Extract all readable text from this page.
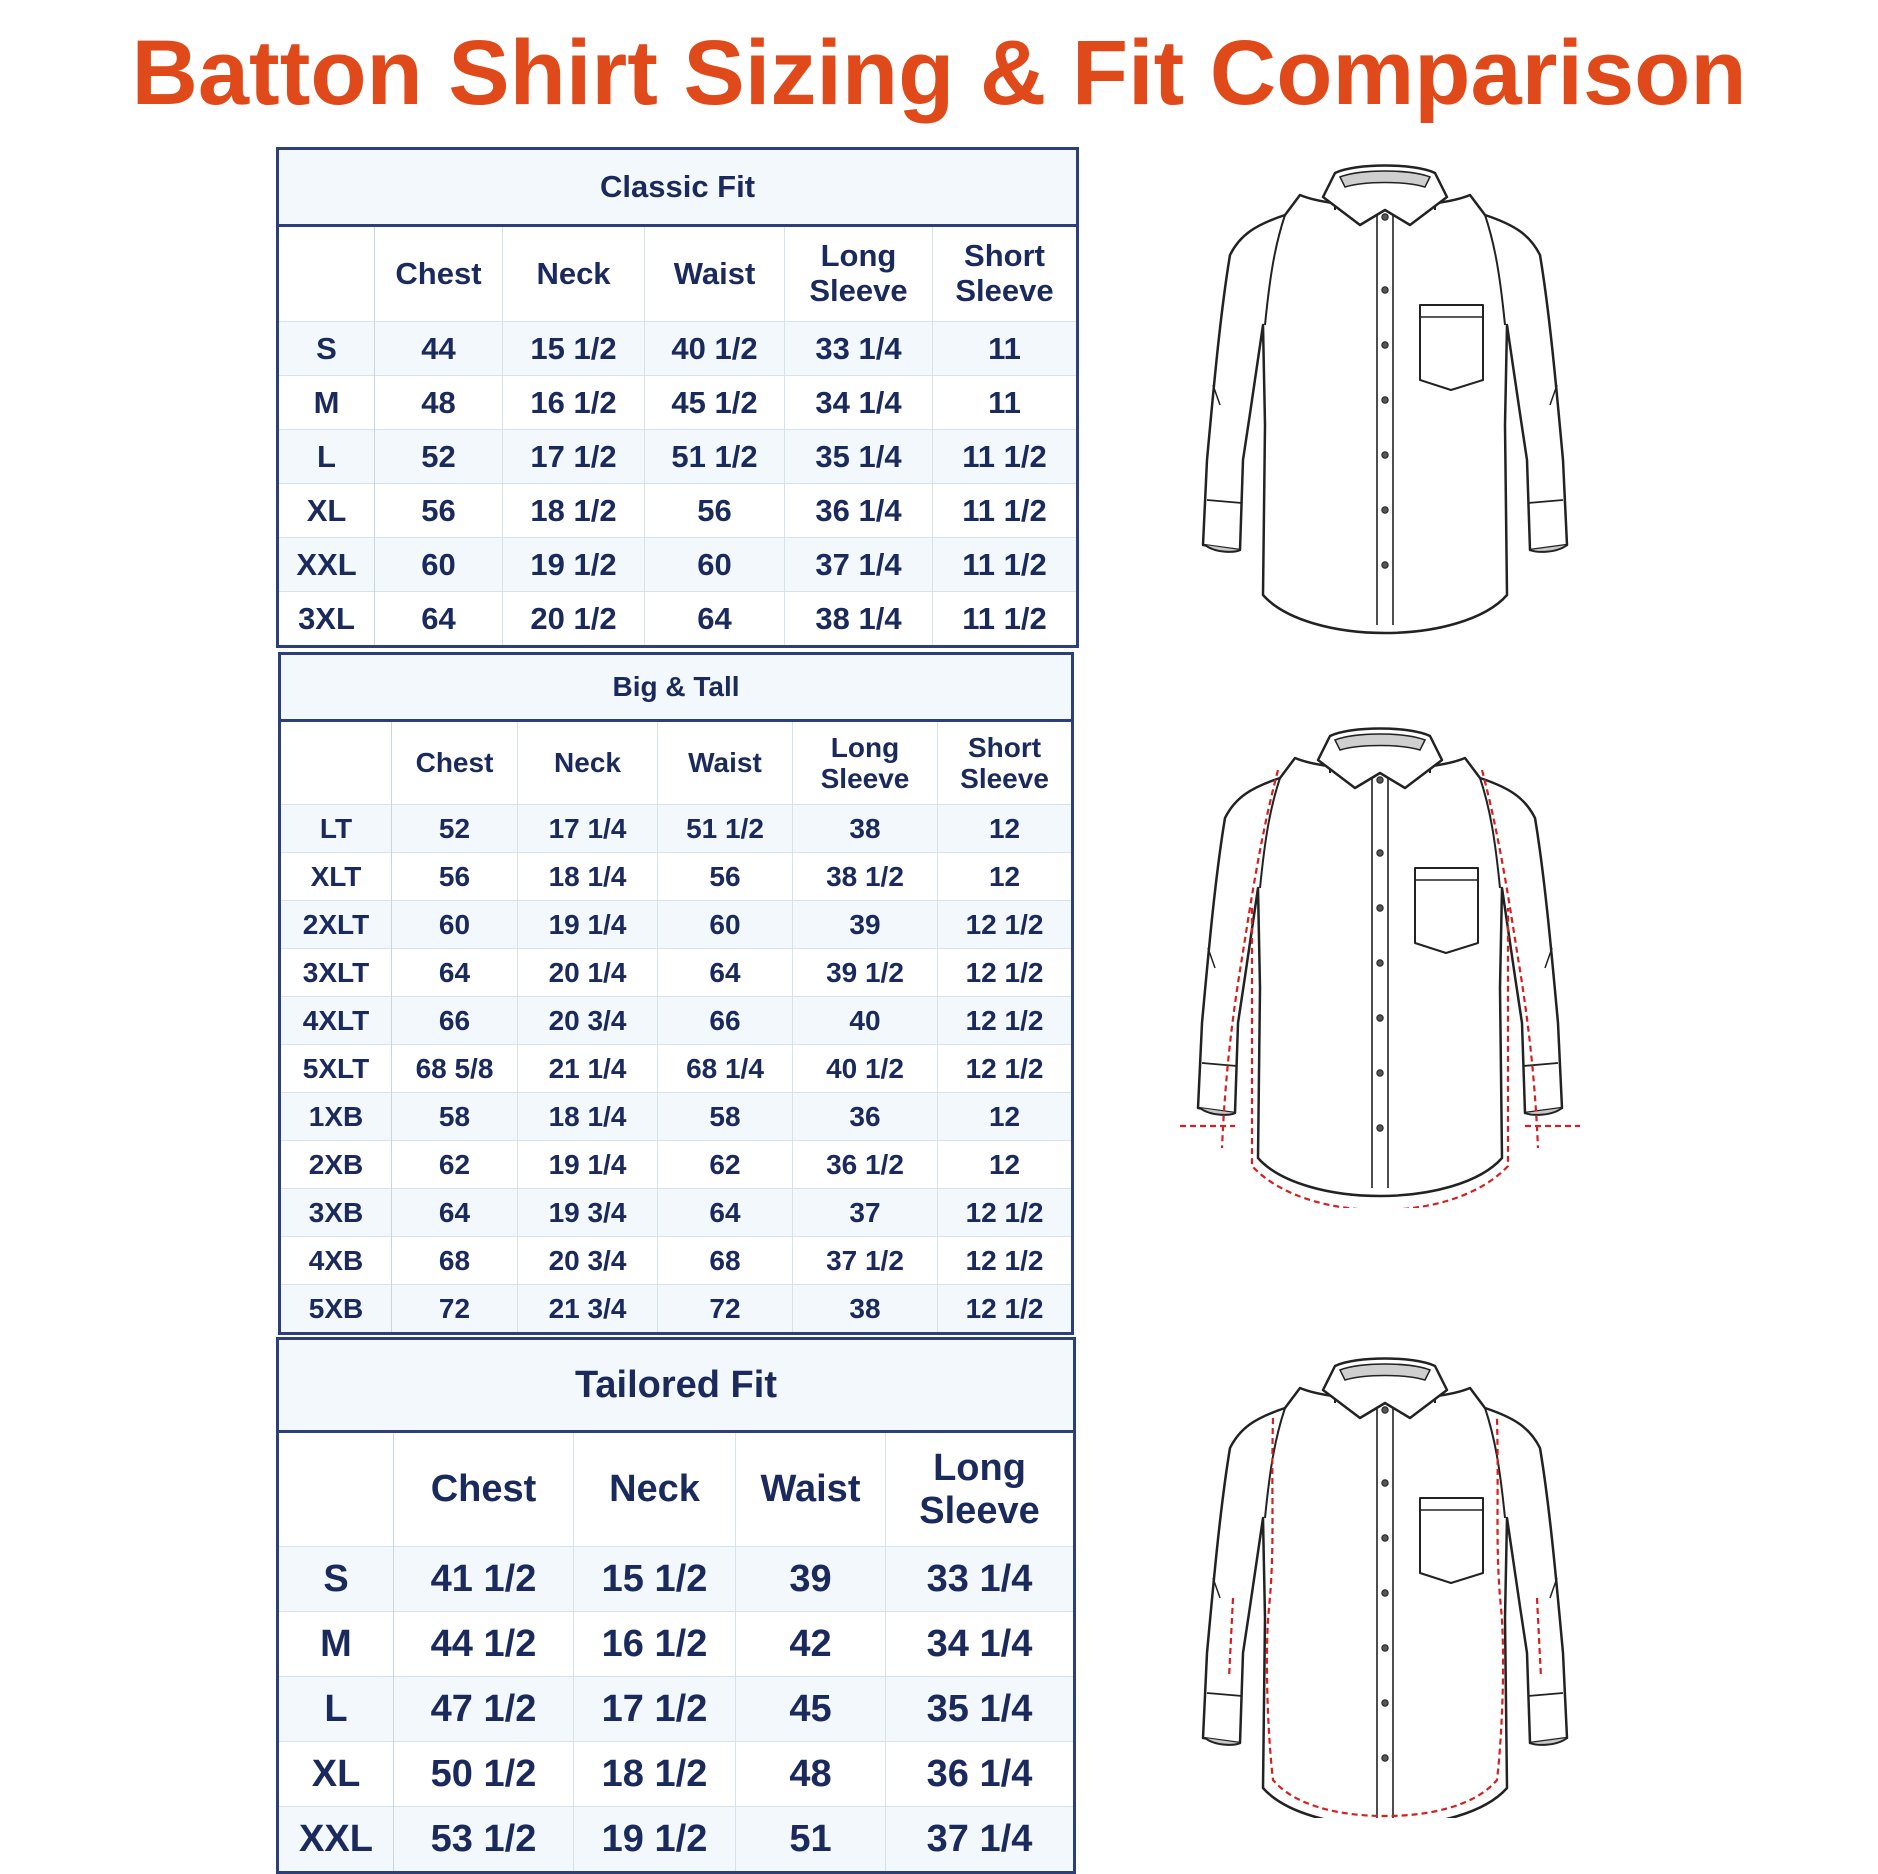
Batton Shirt Sizing & Fit Comparison
Classic Fit					
	Chest	Neck	Waist	Long
Sleeve	Short
Sleeve
S	44	15 1/2	40 1/2	33 1/4	11
M	48	16 1/2	45 1/2	34 1/4	11
L	52	17 1/2	51 1/2	35 1/4	11 1/2
XL	56	18 1/2	56	36 1/4	11 1/2
XXL	60	19 1/2	60	37 1/4	11 1/2
3XL	64	20 1/2	64	38 1/4	11 1/2
Big & Tall					
	Chest	Neck	Waist	Long
Sleeve	Short
Sleeve
LT	52	17 1/4	51 1/2	38	12
XLT	56	18 1/4	56	38 1/2	12
2XLT	60	19 1/4	60	39	12 1/2
3XLT	64	20 1/4	64	39 1/2	12 1/2
4XLT	66	20 3/4	66	40	12 1/2
5XLT	68 5/8	21 1/4	68 1/4	40 1/2	12 1/2
1XB	58	18 1/4	58	36	12
2XB	62	19 1/4	62	36 1/2	12
3XB	64	19 3/4	64	37	12 1/2
4XB	68	20 3/4	68	37 1/2	12 1/2
5XB	72	21 3/4	72	38	12 1/2
Tailored Fit				
	Chest	Neck	Waist	Long
Sleeve
S	41 1/2	15 1/2	39	33 1/4
M	44 1/2	16 1/2	42	34 1/4
L	47 1/2	17 1/2	45	35 1/4
XL	50 1/2	18 1/2	48	36 1/4
XXL	53 1/2	19 1/2	51	37 1/4
